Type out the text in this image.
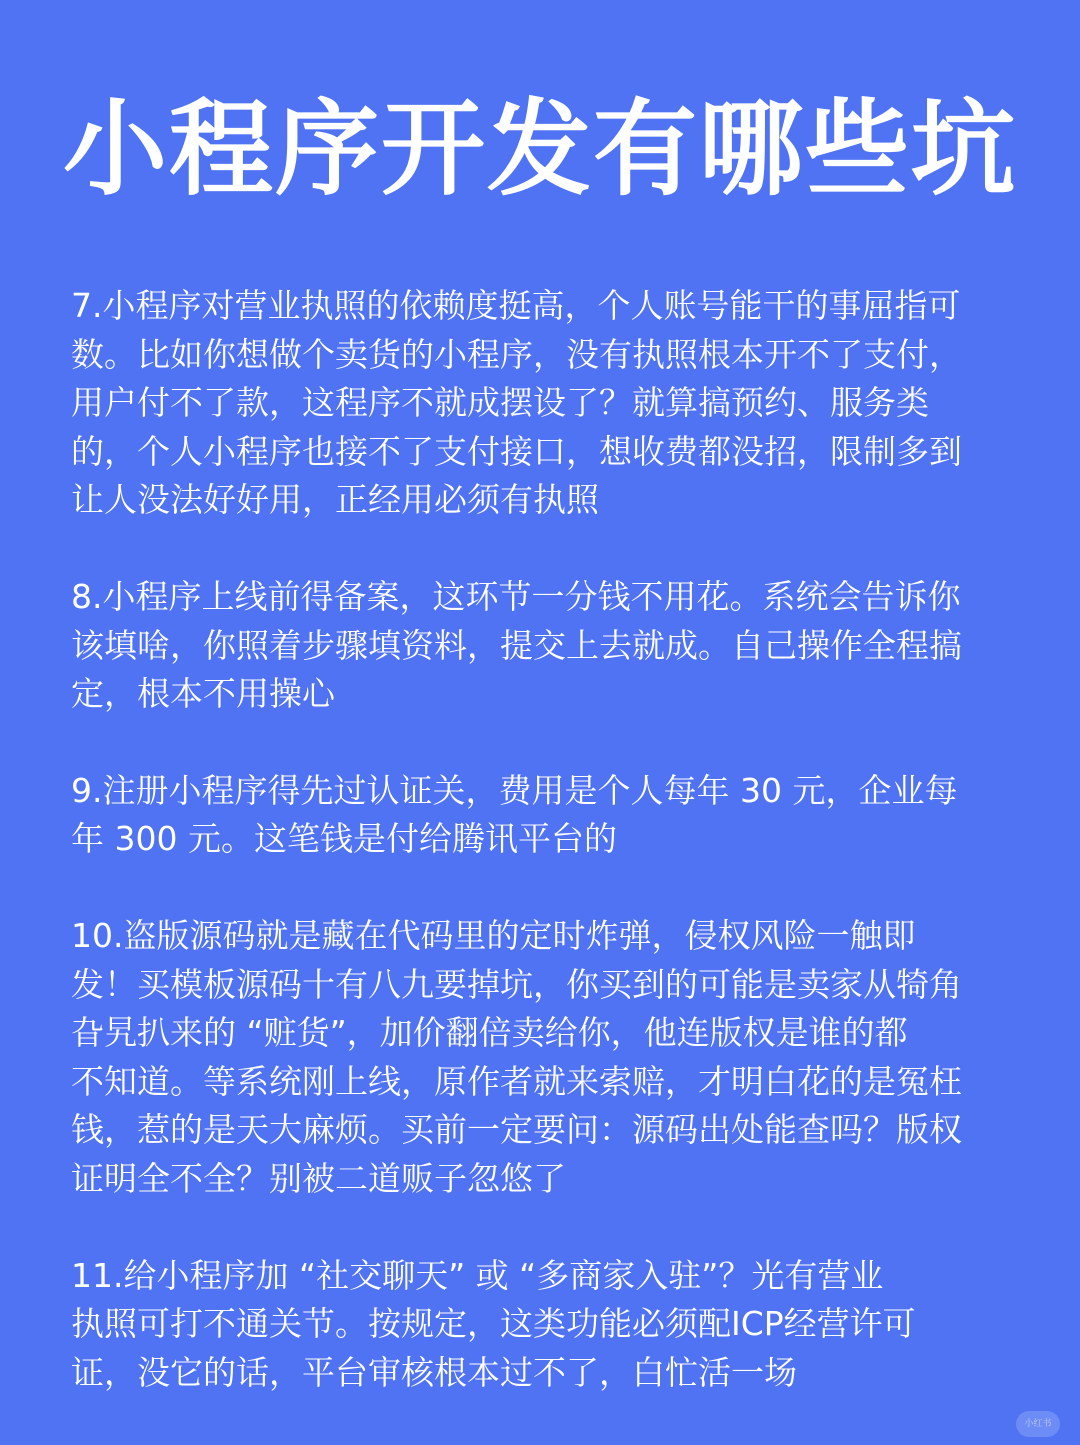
小程序开发有哪些坑

7.小程序对营业执照的依赖度挺高，个人账号能干的事屈指可
数。比如你想做个卖货的小程序，没有执照根本开不了支付，
用户付不了款，这程序不就成摆设了？就算搞预约、服务类
的，个人小程序也接不了支付接口，想收费都没招，限制多到
让人没法好好用，正经用必须有执照

8.小程序上线前得备案，这环节一分钱不用花。系统会告诉你
该填啥，你照着步骤填资料，提交上去就成。自己操作全程搞
定，根本不用操心

9.注册小程序得先过认证关，费用是个人每年 30 元，企业每
年 300 元。这笔钱是付给腾讯平台的

10.盗版源码就是藏在代码里的定时炸弹，侵权风险一触即
发！买模板源码十有八九要掉坑，你买到的可能是卖家从犄角
旮旯扒来的 “赃货”，加价翻倍卖给你，他连版权是谁的都
不知道。等系统刚上线，原作者就来索赔，才明白花的是冤枉
钱，惹的是天大麻烦。买前一定要问：源码出处能查吗？版权
证明全不全？别被二道贩子忽悠了

11.给小程序加 “社交聊天” 或 “多商家入驻”？光有营业
执照可打不通关节。按规定，这类功能必须配ICP经营许可
证，没它的话，平台审核根本过不了，白忙活一场

小红书
